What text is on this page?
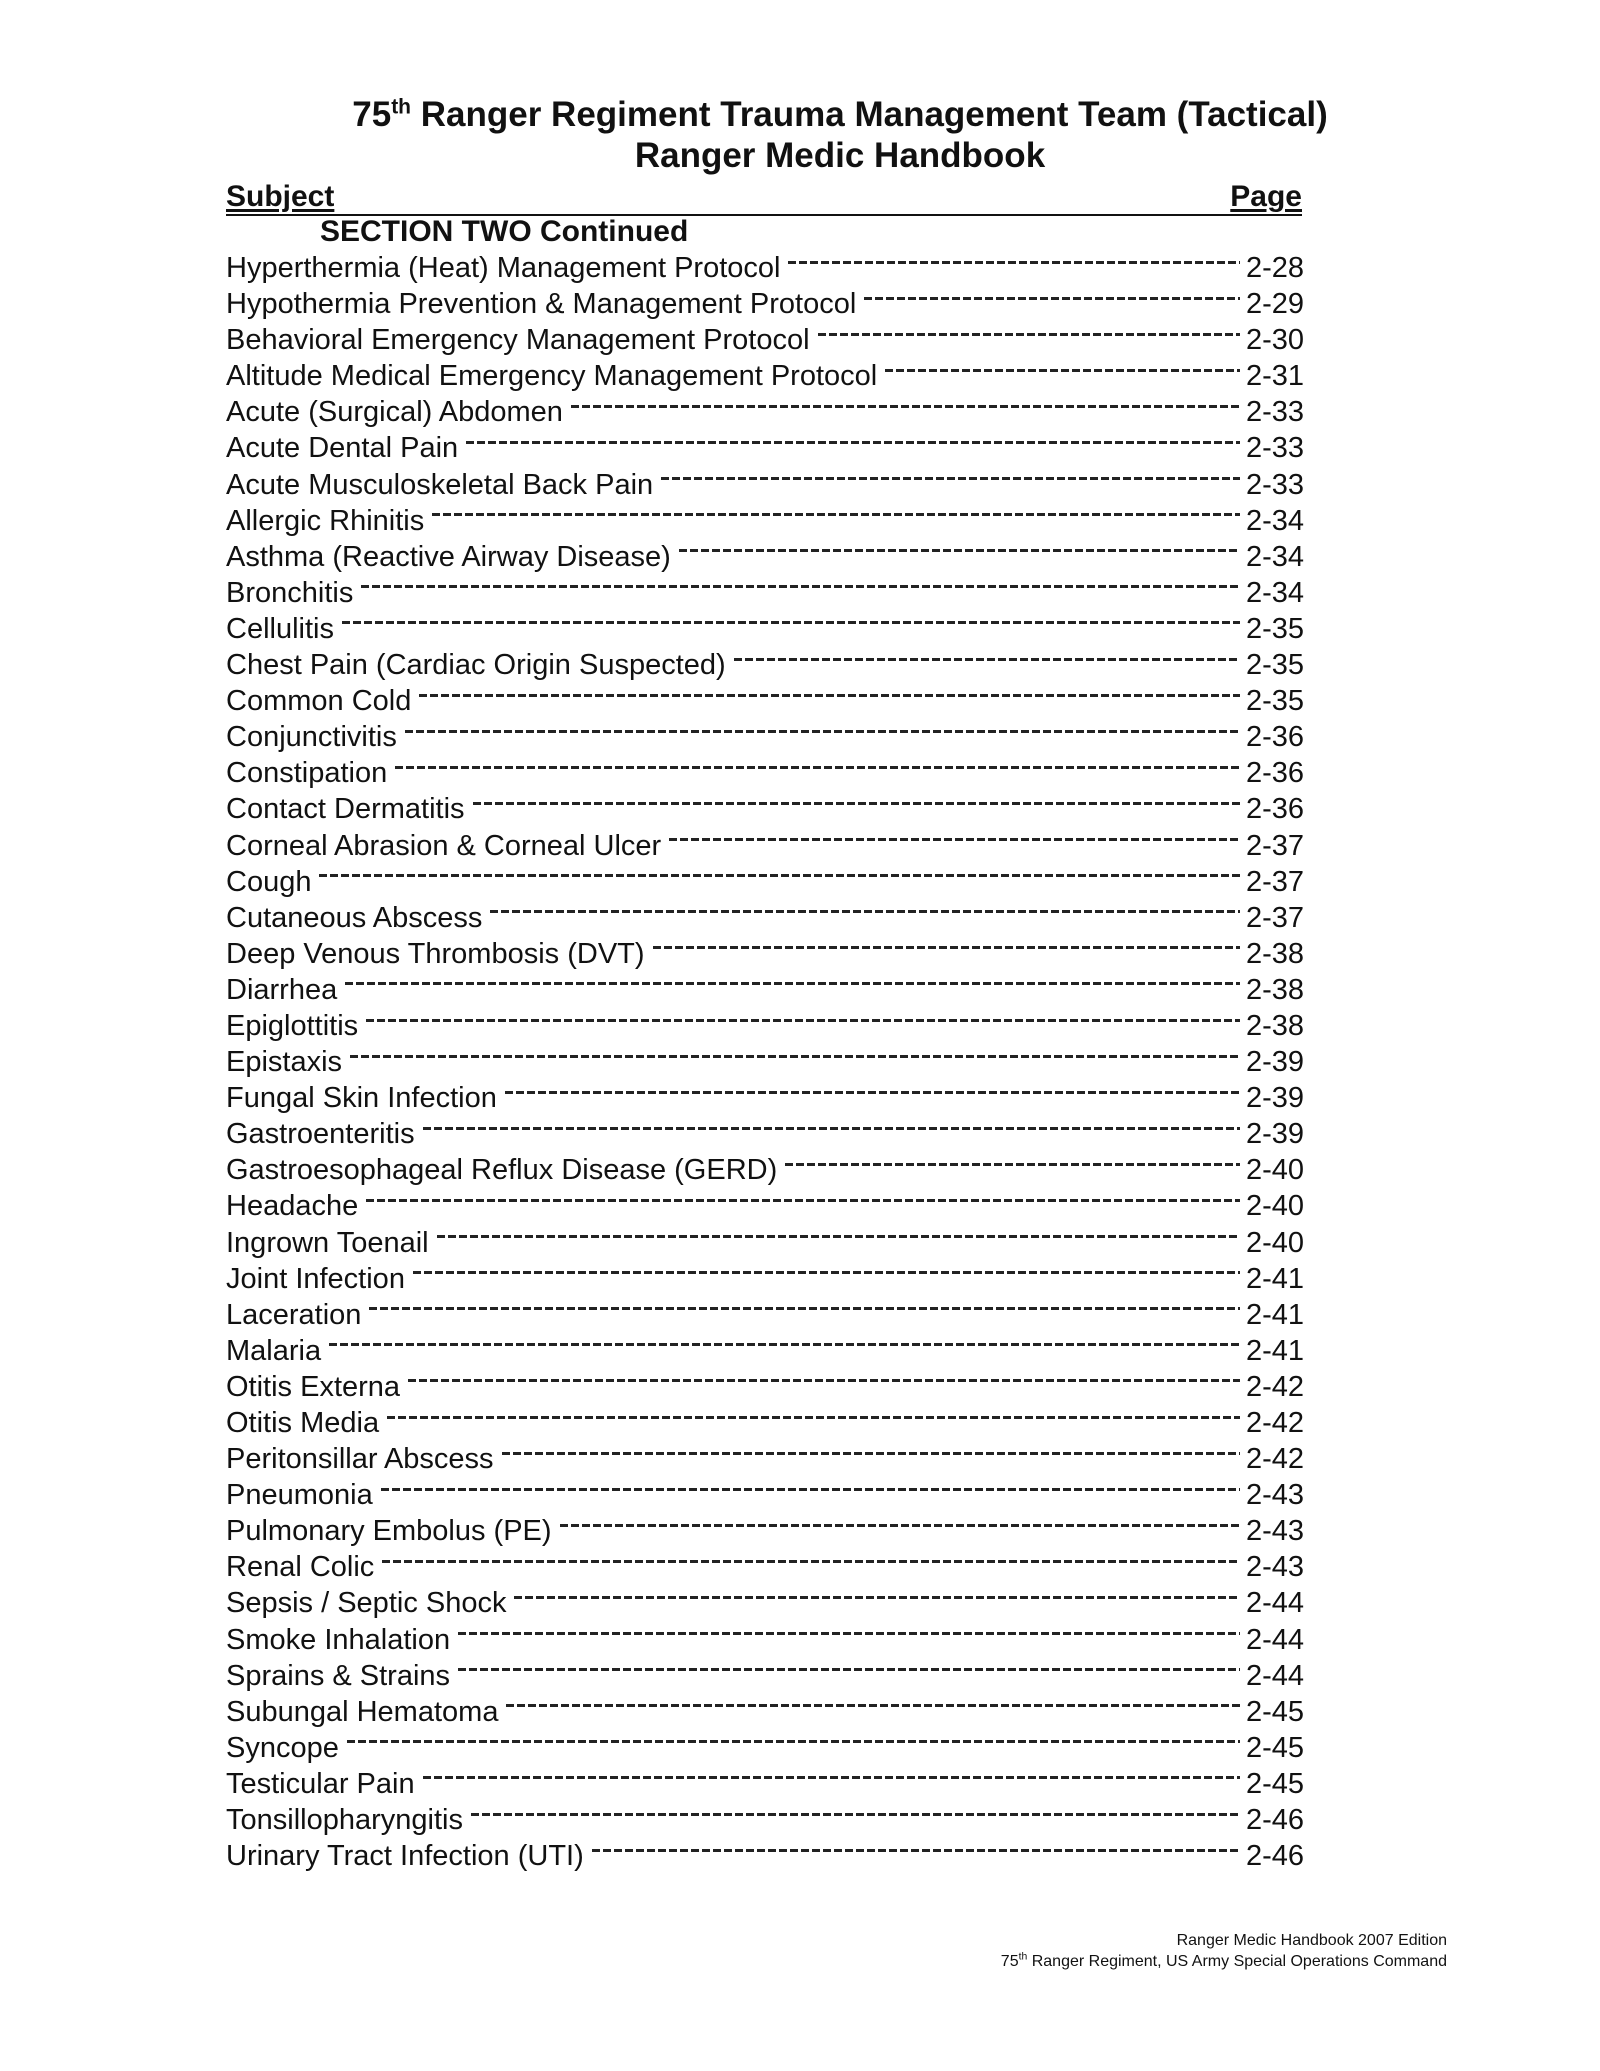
75th Ranger Regiment Trauma Management Team (Tactical)
Ranger Medic Handbook
Subject	Page
SECTION TWO Continued
Hyperthermia (Heat) Management Protocol	2-28
Hypothermia Prevention & Management Protocol	2-29
Behavioral Emergency Management Protocol	2-30
Altitude Medical Emergency Management Protocol	2-31
Acute (Surgical) Abdomen	2-33
Acute Dental Pain	2-33
Acute Musculoskeletal Back Pain	2-33
Allergic Rhinitis	2-34
Asthma (Reactive Airway Disease)	2-34
Bronchitis	2-34
Cellulitis	2-35
Chest Pain (Cardiac Origin Suspected)	2-35
Common Cold	2-35
Conjunctivitis	2-36
Constipation	2-36
Contact Dermatitis	2-36
Corneal Abrasion & Corneal Ulcer	2-37
Cough	2-37
Cutaneous Abscess	2-37
Deep Venous Thrombosis (DVT)	2-38
Diarrhea	2-38
Epiglottitis	2-38
Epistaxis	2-39
Fungal Skin Infection	2-39
Gastroenteritis	2-39
Gastroesophageal Reflux Disease (GERD)	2-40
Headache	2-40
Ingrown Toenail	2-40
Joint Infection	2-41
Laceration	2-41
Malaria	2-41
Otitis Externa	2-42
Otitis Media	2-42
Peritonsillar Abscess	2-42
Pneumonia	2-43
Pulmonary Embolus (PE)	2-43
Renal Colic	2-43
Sepsis / Septic Shock	2-44
Smoke Inhalation	2-44
Sprains & Strains	2-44
Subungal Hematoma	2-45
Syncope	2-45
Testicular Pain	2-45
Tonsillopharyngitis	2-46
Urinary Tract Infection (UTI)	2-46
Ranger Medic Handbook 2007 Edition
75th Ranger Regiment, US Army Special Operations Command
